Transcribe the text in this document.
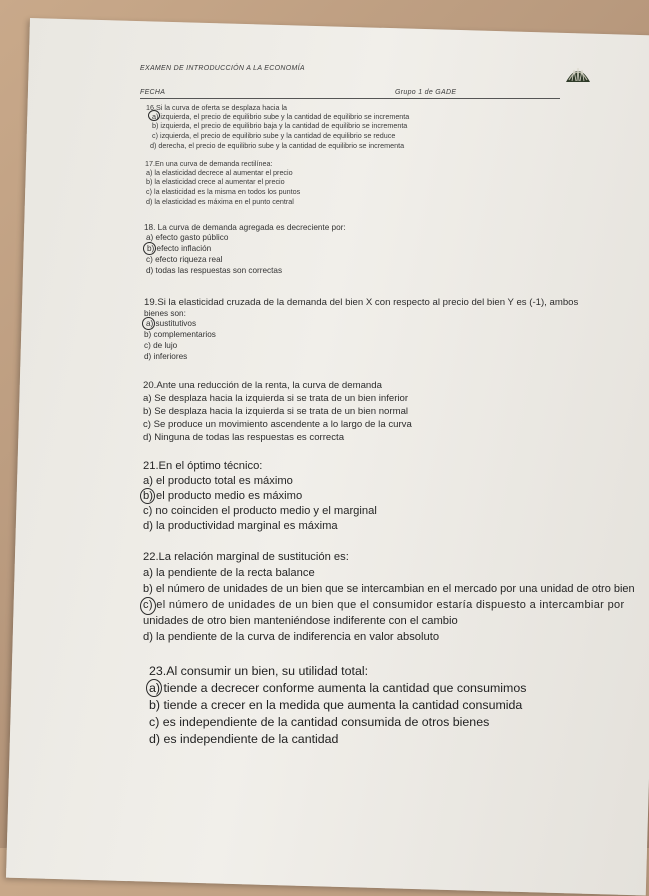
EXAMEN DE INTRODUCCIÓN A LA ECONOMÍA
FECHA	Grupo 1 de GADE
16.Si la curva de oferta se desplaza hacia la
a) izquierda, el precio de equilibrio sube y la cantidad de equilibrio se incrementa
b) izquierda, el precio de equilibrio baja y la cantidad de equilibrio se incrementa
c) izquierda, el precio de equilibrio sube y la cantidad de equilibrio se reduce
d) derecha, el precio de equilibrio sube y la cantidad de equilibrio se incrementa
17.En una curva de demanda rectilínea:
a) la elasticidad decrece al aumentar el precio
b) la elasticidad crece al aumentar el precio
c) la elasticidad es la misma en todos los puntos
d) la elasticidad es máxima en el punto central
18. La curva de demanda agregada es decreciente por:
a) efecto gasto público
b) efecto inflación
c) efecto riqueza real
d) todas las respuestas son correctas
19.Si la elasticidad cruzada de la demanda del bien X con respecto al precio del bien Y es (-1), ambos
bienes son:
a) sustitutivos
b) complementarios
c) de lujo
d) inferiores
20.Ante una reducción de la renta, la curva de demanda
a) Se desplaza hacia la izquierda si se trata de un bien inferior
b) Se desplaza hacia la izquierda si se trata de un bien normal
c) Se produce un movimiento ascendente a lo largo de la curva
d) Ninguna de todas las respuestas es correcta
21.En el óptimo técnico:
a) el producto total es máximo
b) el producto medio es máximo
c) no coinciden el producto medio y el marginal
d) la productividad marginal es máxima
22.La relación marginal de sustitución es:
a) la pendiente de la recta balance
b) el número de unidades de un bien que se intercambian en el mercado por una unidad de otro bien
c) el número de unidades de un bien que el consumidor estaría dispuesto a intercambiar por
unidades de otro bien manteniéndose indiferente con el cambio
d) la pendiente de la curva de indiferencia en valor absoluto
23.Al consumir un bien, su utilidad total:
a) tiende a decrecer conforme aumenta la cantidad que consumimos
b) tiende a crecer en la medida que aumenta la cantidad consumida
c) es independiente de la cantidad consumida de otros bienes
d) es independiente de la cantidad
